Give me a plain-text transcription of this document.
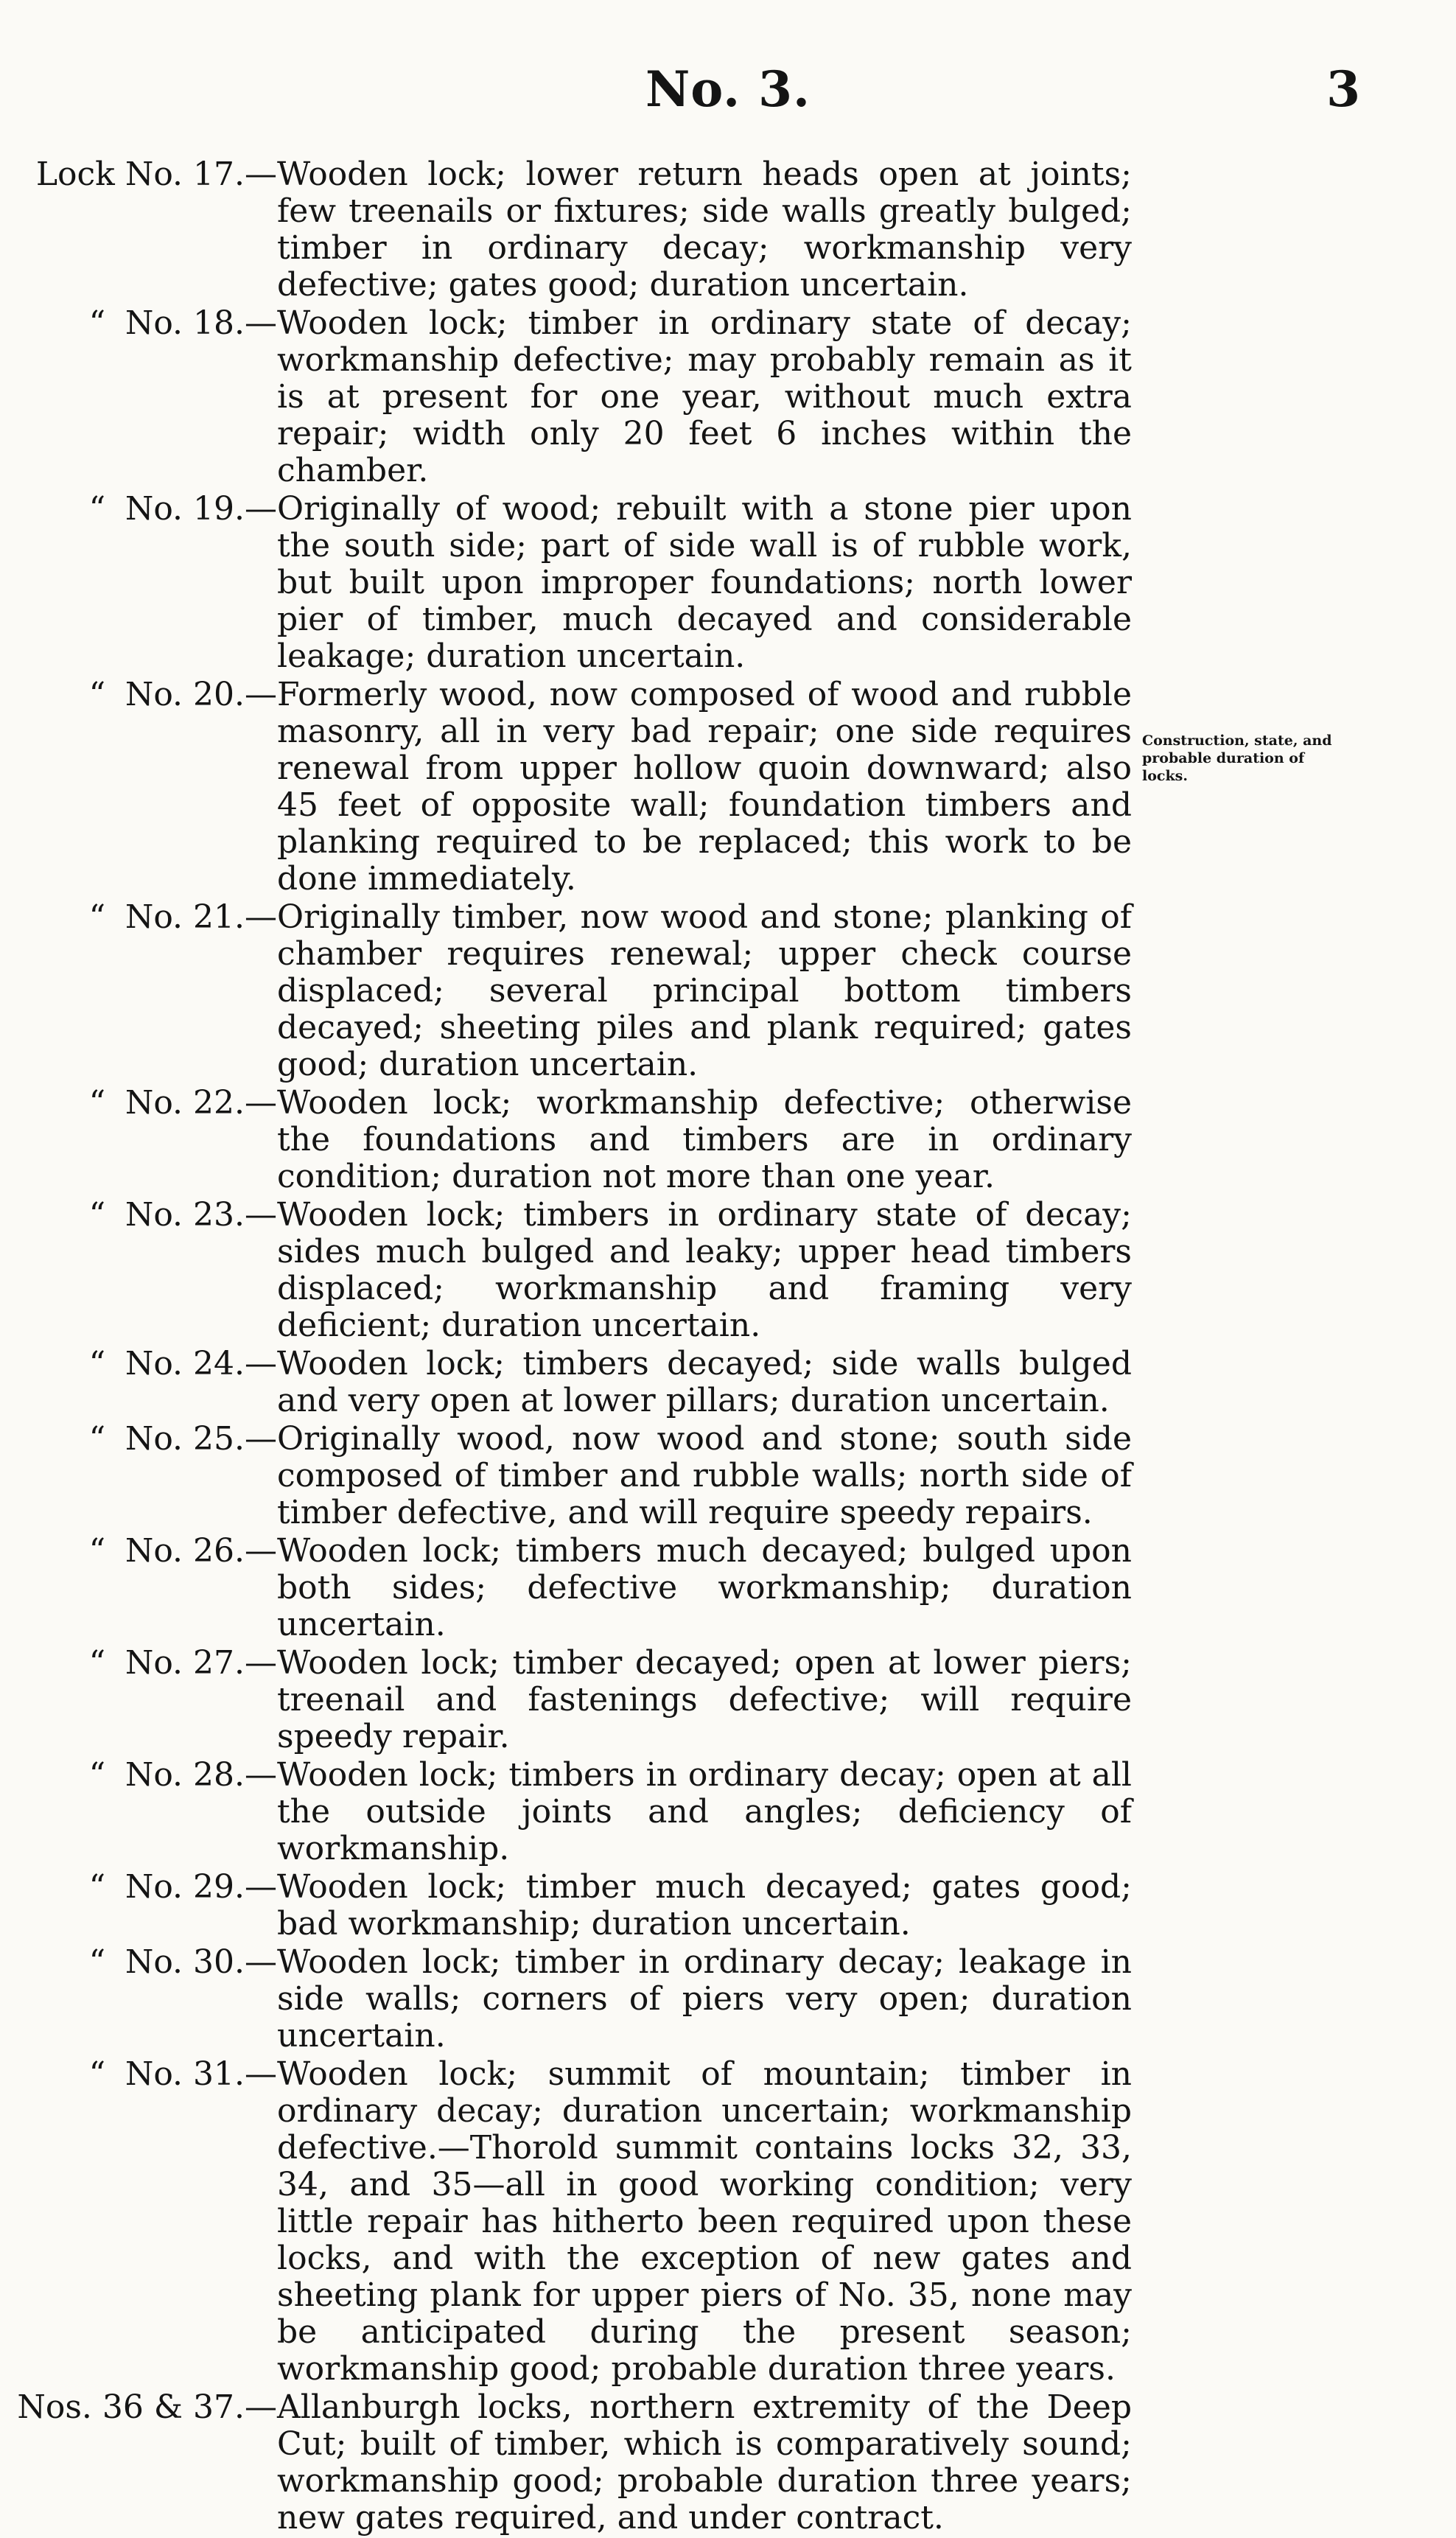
No. 3.	3
Lock No. 17.— Wooden lock; lower return heads open at joints; few treenails or fixtures; side walls greatly bulged; timber in ordinary decay; workmanship very defective; gates good; duration uncertain.
“ No. 18.— Wooden lock; timber in ordinary state of decay; workmanship defective; may probably remain as it is at present for one year, without much extra repair; width only 20 feet 6 inches within the chamber.
“ No. 19.— Originally of wood; rebuilt with a stone pier upon the south side; part of side wall is of rubble work, but built upon improper foundations; north lower pier of timber, much decayed and considerable leakage; duration uncertain.
“ No. 20.— Formerly wood, now composed of wood and rubble masonry, all in very bad repair; one side requires renewal from upper hollow quoin downward; also 45 feet of opposite wall; foundation timbers and planking required to be replaced; this work to be done immediately.
“ No. 21.— Originally timber, now wood and stone; planking of chamber requires renewal; upper check course displaced; several principal bottom timbers decayed; sheeting piles and plank required; gates good; duration uncertain.
“ No. 22.— Wooden lock; workmanship defective; otherwise the foundations and timbers are in ordinary condition; duration not more than one year.
“ No. 23.— Wooden lock; timbers in ordinary state of decay; sides much bulged and leaky; upper head timbers displaced; workmanship and framing very deficient; duration uncertain.
“ No. 24.— Wooden lock; timbers decayed; side walls bulged and very open at lower pillars; duration uncertain.
“ No. 25.— Originally wood, now wood and stone; south side composed of timber and rubble walls; north side of timber defective, and will require speedy repairs.
“ No. 26.— Wooden lock; timbers much decayed; bulged upon both sides; defective workmanship; duration uncertain.
“ No. 27.— Wooden lock; timber decayed; open at lower piers; treenail and fastenings defective; will require speedy repair.
“ No. 28.— Wooden lock; timbers in ordinary decay; open at all the outside joints and angles; deficiency of workmanship.
“ No. 29.— Wooden lock; timber much decayed; gates good; bad workmanship; duration uncertain.
“ No. 30.— Wooden lock; timber in ordinary decay; leakage in side walls; corners of piers very open; duration uncertain.
“ No. 31.— Wooden lock; summit of mountain; timber in ordinary decay; duration uncertain; workmanship defective.—Thorold summit contains locks 32, 33, 34, and 35—all in good working condition; very little repair has hitherto been required upon these locks, and with the exception of new gates and sheeting plank for upper piers of No. 35, none may be anticipated during the present season; workmanship good; probable duration three years.
Nos. 36 & 37.— Allanburgh locks, northern extremity of the Deep Cut; built of timber, which is comparatively sound; workmanship good; probable duration three years; new gates required, and under contract.
Construction, state, and probable duration of locks.
